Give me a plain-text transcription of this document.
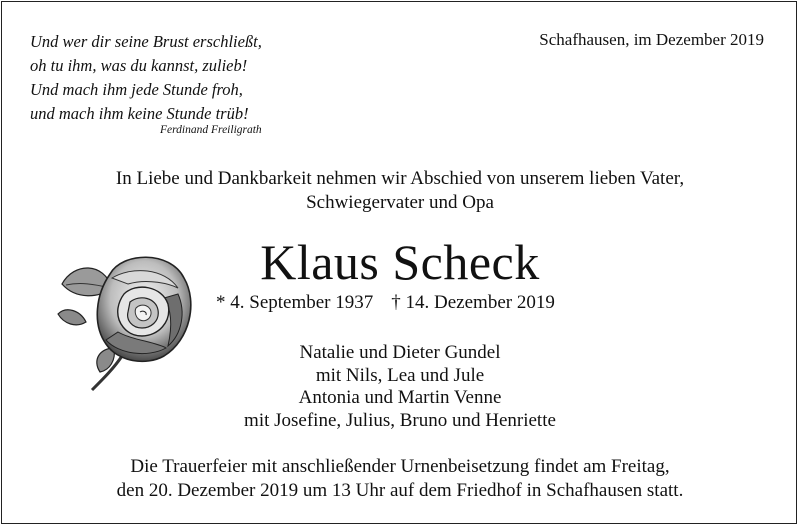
Und wer dir seine Brust erschließt,
oh tu ihm, was du kannst, zulieb!
Und mach ihm jede Stunde froh,
und mach ihm keine Stunde trüb!
Ferdinand Freiligrath
Schafhausen, im Dezember 2019
In Liebe und Dankbarkeit nehmen wir Abschied von unserem lieben Vater,
Schwiegervater und Opa
Klaus Scheck
* 4. September 1937 † 14. Dezember 2019
Natalie und Dieter Gundel
mit Nils, Lea und Jule
Antonia und Martin Venne
mit Josefine, Julius, Bruno und Henriette
Die Trauerfeier mit anschließender Urnenbeisetzung findet am Freitag,
den 20. Dezember 2019 um 13 Uhr auf dem Friedhof in Schafhausen statt.
